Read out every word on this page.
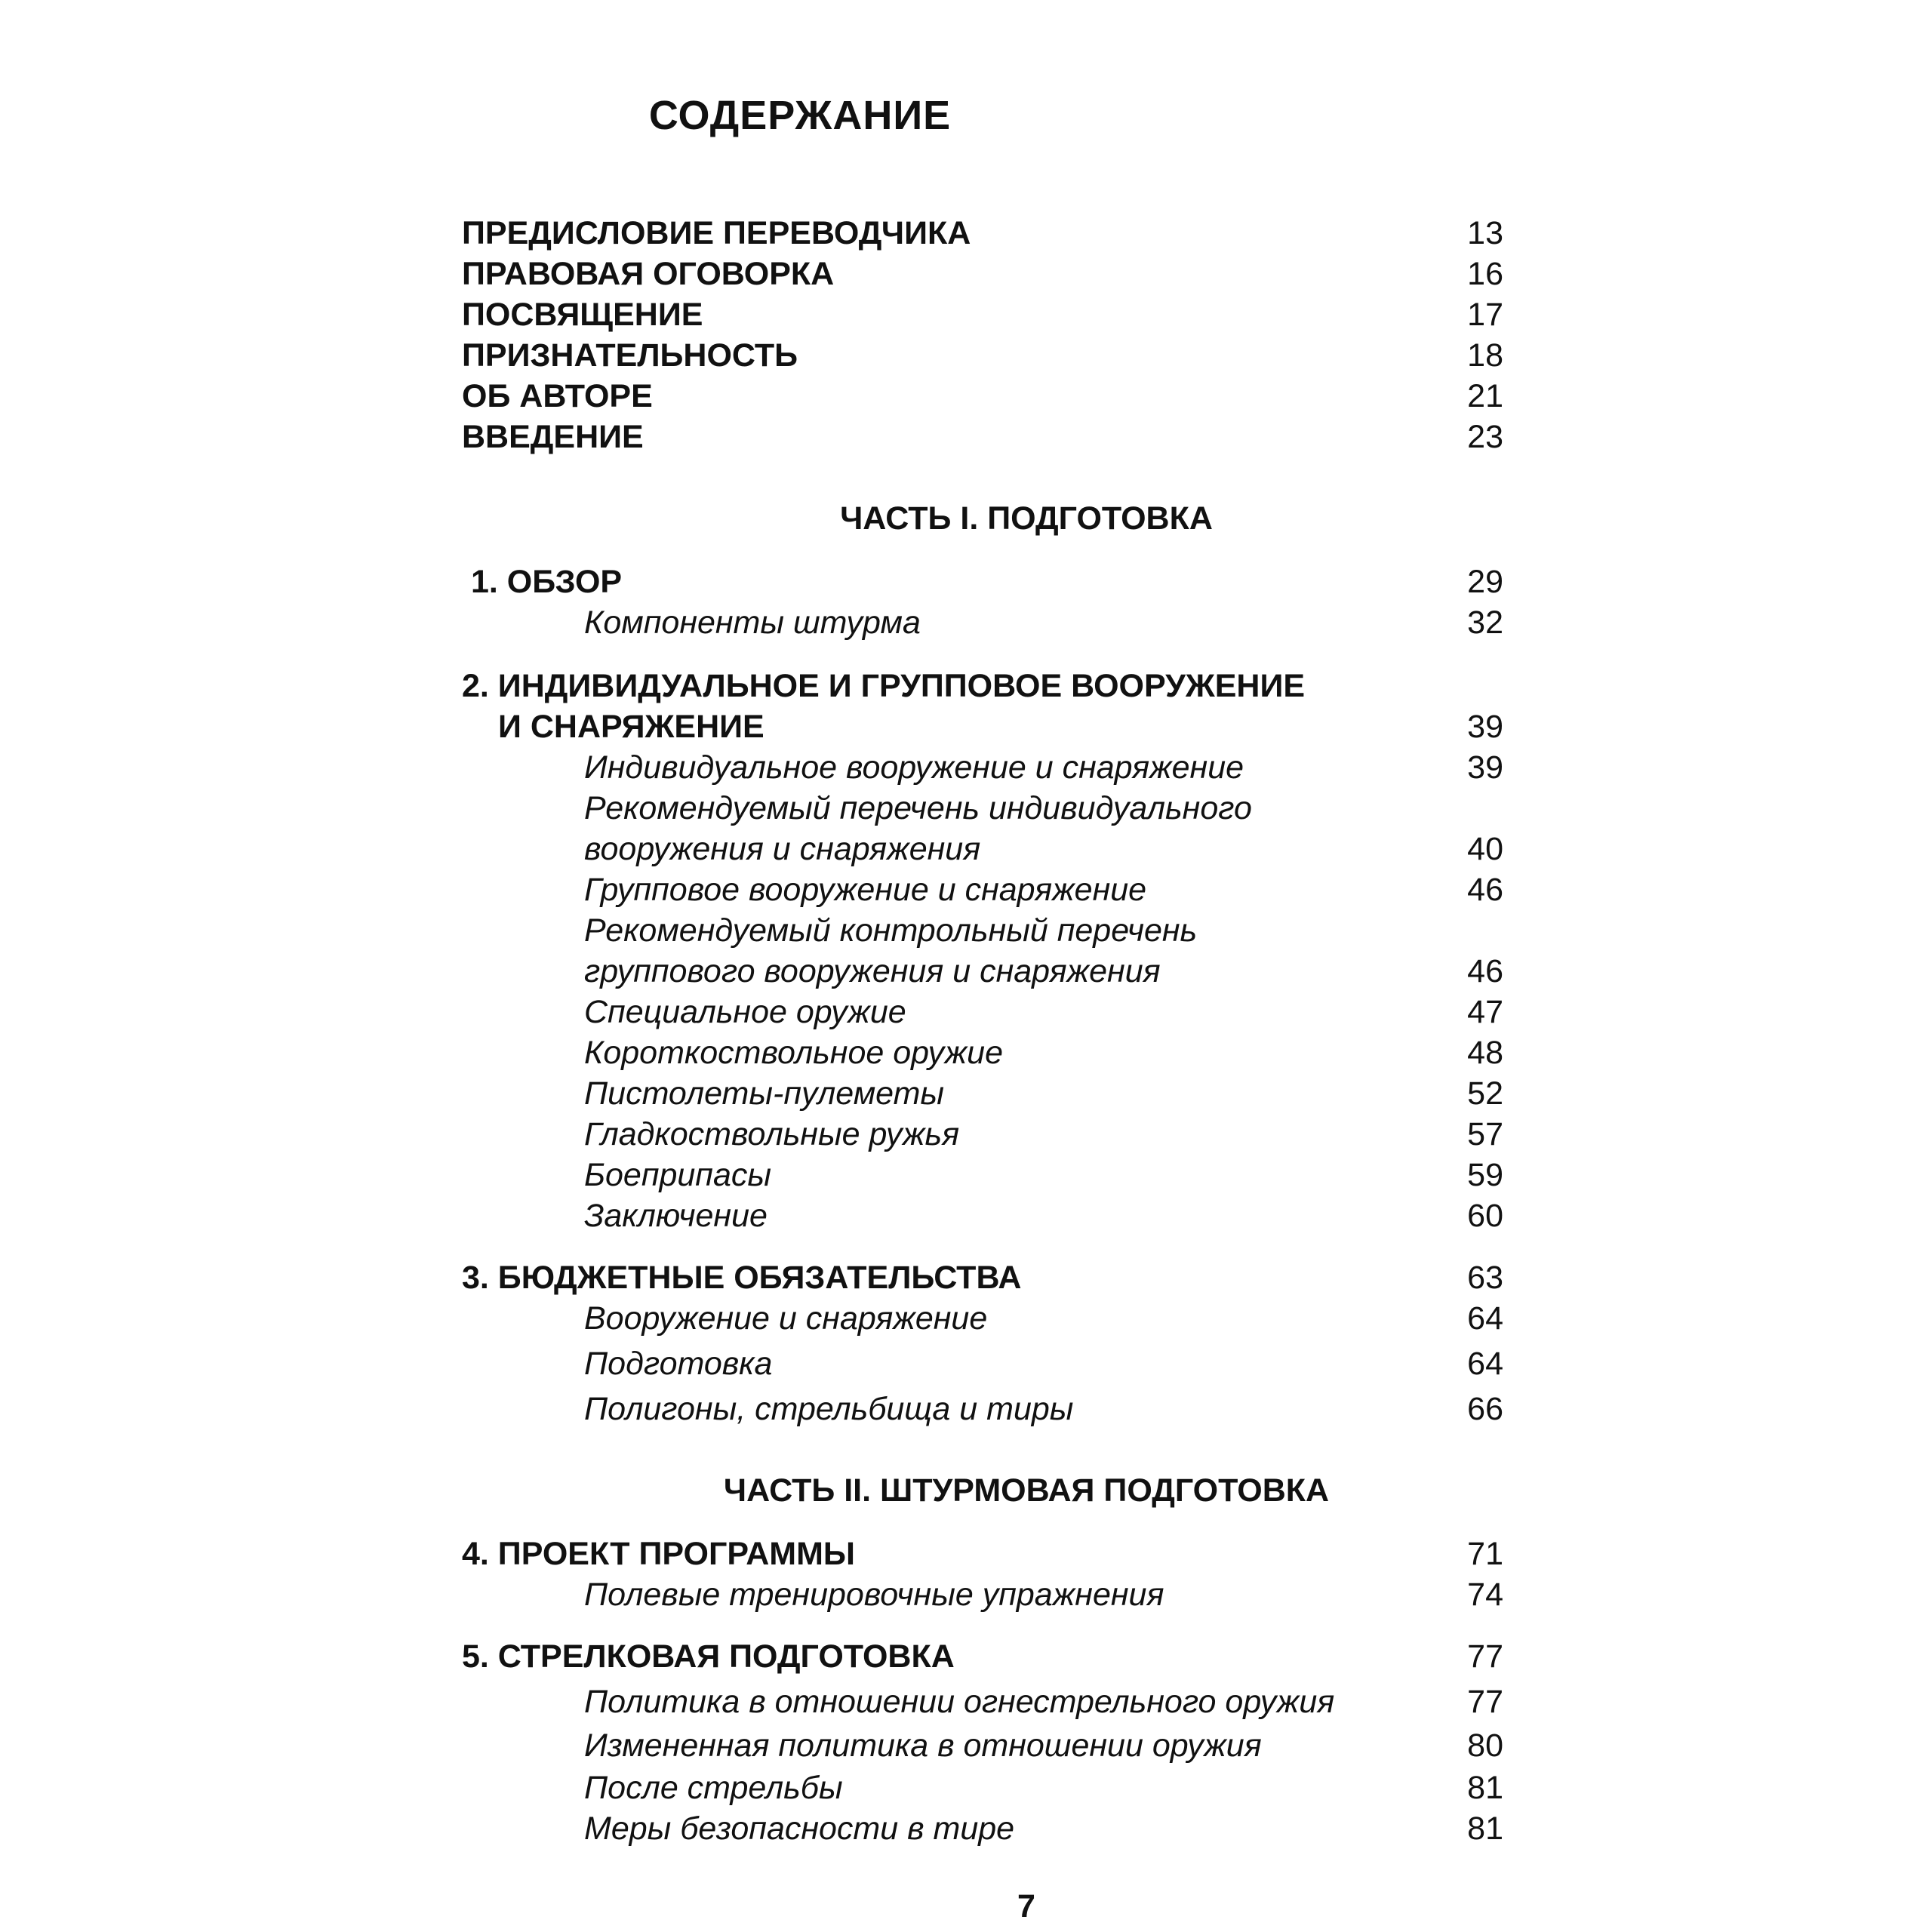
СОДЕРЖАНИЕ
ПРЕДИСЛОВИЕ ПЕРЕВОДЧИКА	13
ПРАВОВАЯ ОГОВОРКА	16
ПОСВЯЩЕНИЕ	17
ПРИЗНАТЕЛЬНОСТЬ	18
ОБ АВТОРЕ	21
ВВЕДЕНИЕ	23
ЧАСТЬ I. ПОДГОТОВКА
1. ОБЗОР	29
Компоненты штурма	32
2. ИНДИВИДУАЛЬНОЕ И ГРУППОВОЕ ВООРУЖЕНИЕ
И СНАРЯЖЕНИЕ	39
Индивидуальное вооружение и снаряжение	39
Рекомендуемый перечень индивидуального
вооружения и снаряжения	40
Групповое вооружение и снаряжение	46
Рекомендуемый контрольный перечень
группового вооружения и снаряжения	46
Специальное оружие	47
Короткоствольное оружие	48
Пистолеты-пулеметы	52
Гладкоствольные ружья	57
Боеприпасы	59
Заключение	60
3. БЮДЖЕТНЫЕ ОБЯЗАТЕЛЬСТВА	63
Вооружение и снаряжение	64
Подготовка	64
Полигоны, стрельбища и тиры	66
ЧАСТЬ II. ШТУРМОВАЯ ПОДГОТОВКА
4. ПРОЕКТ ПРОГРАММЫ	71
Полевые тренировочные упражнения	74
5. СТРЕЛКОВАЯ ПОДГОТОВКА	77
Политика в отношении огнестрельного оружия	77
Измененная политика в отношении оружия	80
После стрельбы	81
Меры безопасности в тире	81
7
